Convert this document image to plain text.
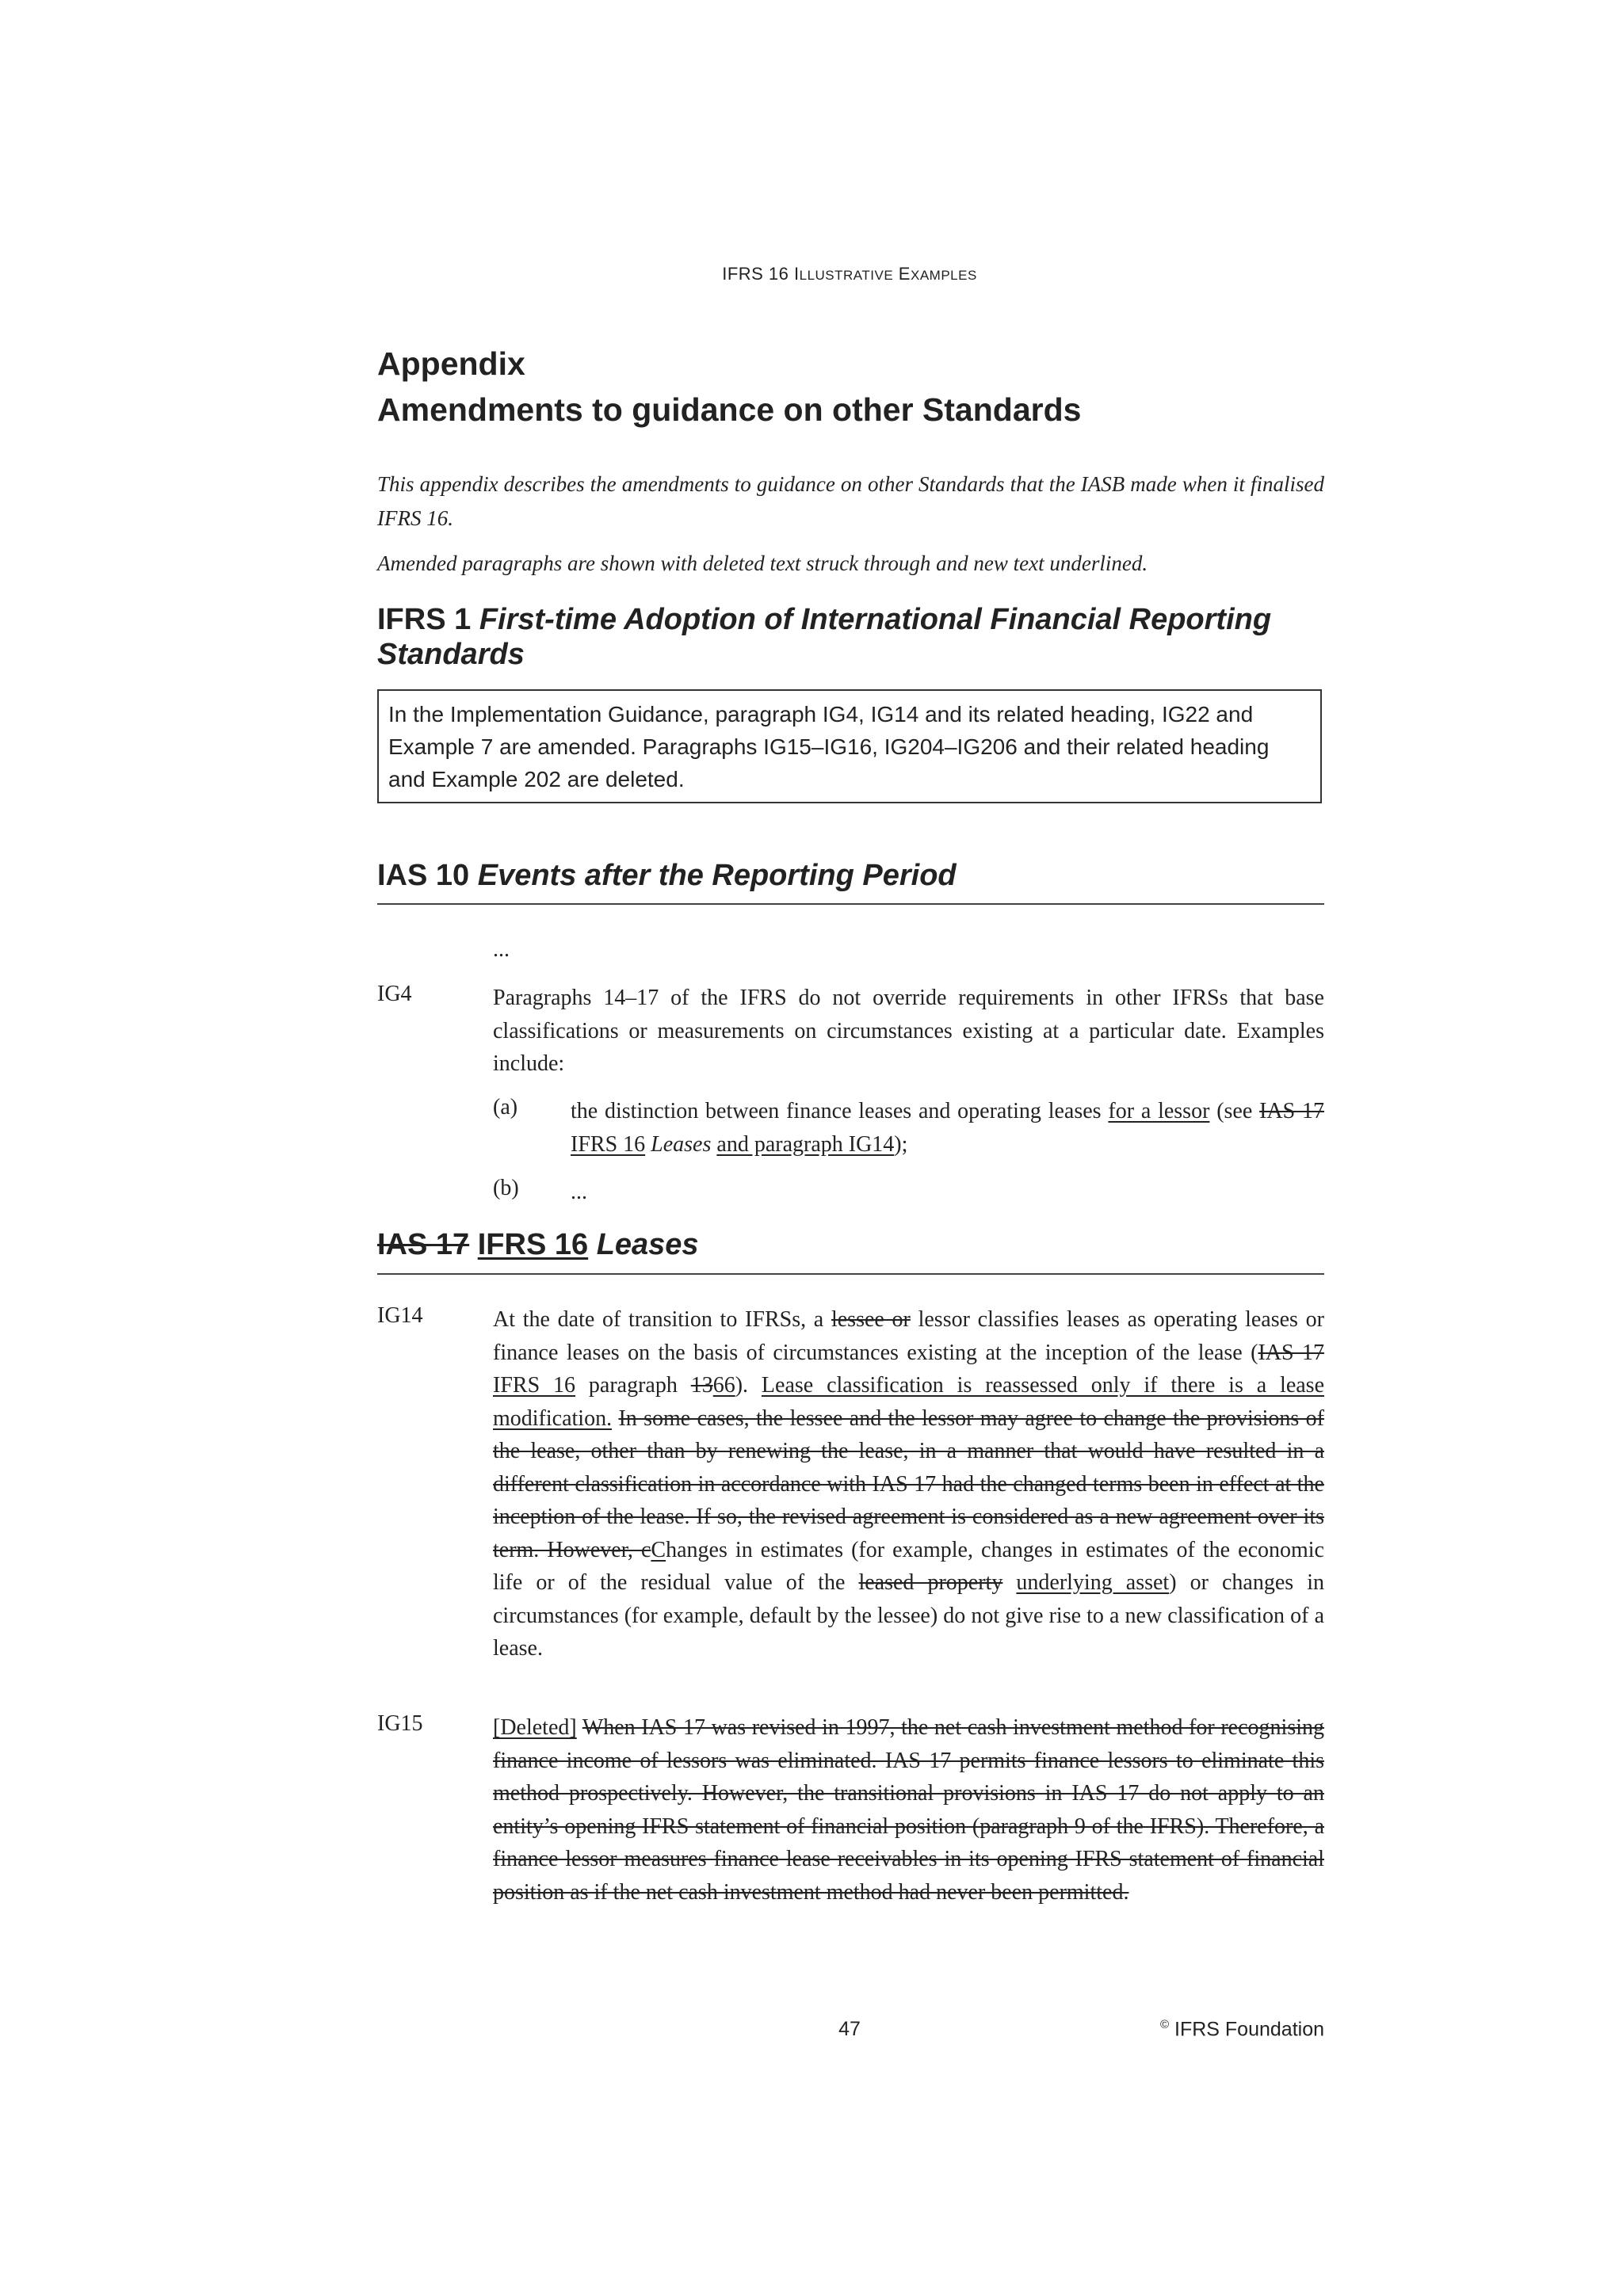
IFRS 16 ILLUSTRATIVE EXAMPLES
Appendix
Amendments to guidance on other Standards
This appendix describes the amendments to guidance on other Standards that the IASB made when it finalised IFRS 16.
Amended paragraphs are shown with deleted text struck through and new text underlined.
IFRS 1 First-time Adoption of International Financial Reporting Standards
In the Implementation Guidance, paragraph IG4, IG14 and its related heading, IG22 and Example 7 are amended. Paragraphs IG15–IG16, IG204–IG206 and their related heading and Example 202 are deleted.
IAS 10 Events after the Reporting Period
...
IG4	Paragraphs 14–17 of the IFRS do not override requirements in other IFRSs that base classifications or measurements on circumstances existing at a particular date. Examples include:
(a) the distinction between finance leases and operating leases for a lessor (see IAS 17 IFRS 16 Leases and paragraph IG14);
(b) ...
IAS 17 IFRS 16 Leases
IG14	At the date of transition to IFRSs, a lessee or lessor classifies leases as operating leases or finance leases on the basis of circumstances existing at the inception of the lease (IAS 17 IFRS 16 paragraph 1366). Lease classification is reassessed only if there is a lease modification. In some cases, the lessee and the lessor may agree to change the provisions of the lease, other than by renewing the lease, in a manner that would have resulted in a different classification in accordance with IAS 17 had the changed terms been in effect at the inception of the lease. If so, the revised agreement is considered as a new agreement over its term. However, cChanges in estimates (for example, changes in estimates of the economic life or of the residual value of the leased property underlying asset) or changes in circumstances (for example, default by the lessee) do not give rise to a new classification of a lease.
IG15	[Deleted] When IAS 17 was revised in 1997, the net cash investment method for recognising finance income of lessors was eliminated. IAS 17 permits finance lessors to eliminate this method prospectively. However, the transitional provisions in IAS 17 do not apply to an entity’s opening IFRS statement of financial position (paragraph 9 of the IFRS). Therefore, a finance lessor measures finance lease receivables in its opening IFRS statement of financial position as if the net cash investment method had never been permitted.
47	© IFRS Foundation
